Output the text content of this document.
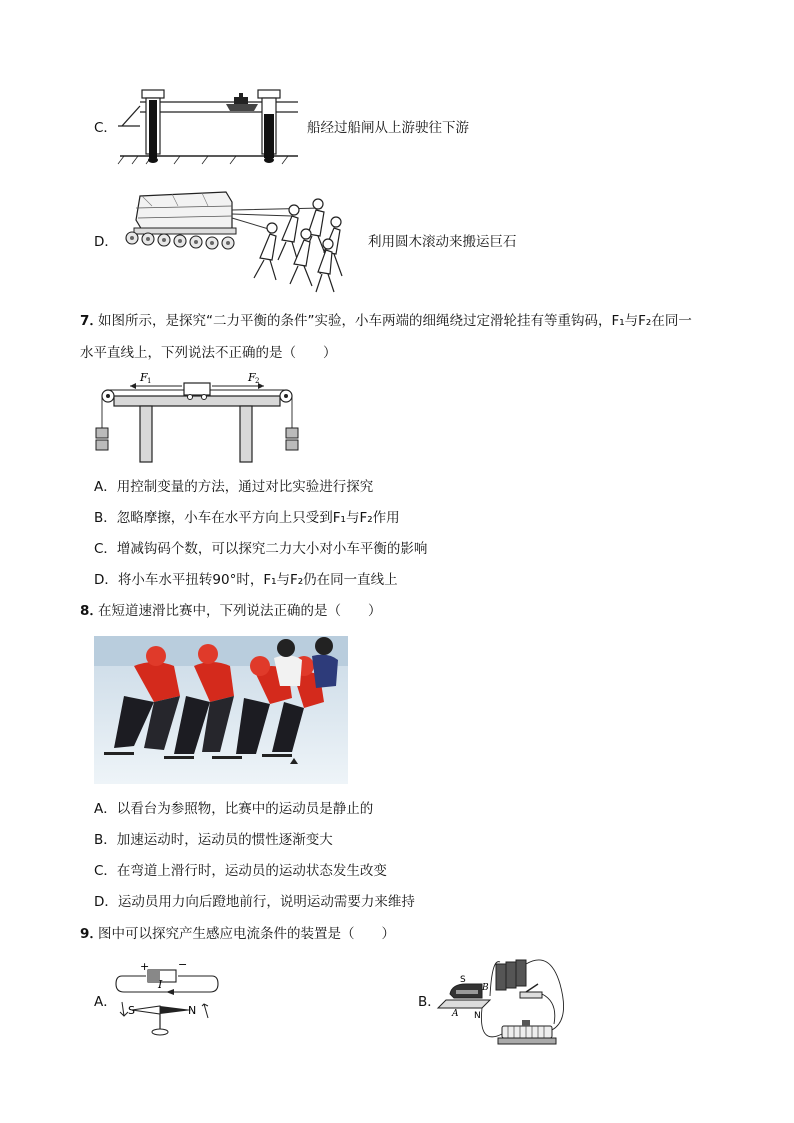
C．	船经过船闸从上游驶往下游
D．	利用圆木滚动来搬运巨石
7．
如图所示，是探究“二力平衡的条件”实验，小车两端的细绳绕过定滑轮挂有等重钩码，F₁与F₂在同一
水平直线上，下列说法不正确的是（　　）
F 1	F 2
A．用控制变量的方法，通过对比实验进行探究
B．忽略摩擦，小车在水平方向上只受到F₁与F₂作用
C．增减钩码个数，可以探究二力大小对小车平衡的影响
D．将小车水平扭转90°时，F₁与F₂仍在同一直线上
8．
在短道速滑比赛中，下列说法正确的是（　　）
A．以看台为参照物，比赛中的运动员是静止的
B．加速运动时，运动员的惯性逐渐变大
C．在弯道上滑行时，运动员的运动状态发生改变
D．运动员用力向后蹬地前行，说明运动需要力来维持
9．
图中可以探究产生感应电流条件的装置是（　　）
A．
+	−
I
S	N
B．
S
N
A
B
